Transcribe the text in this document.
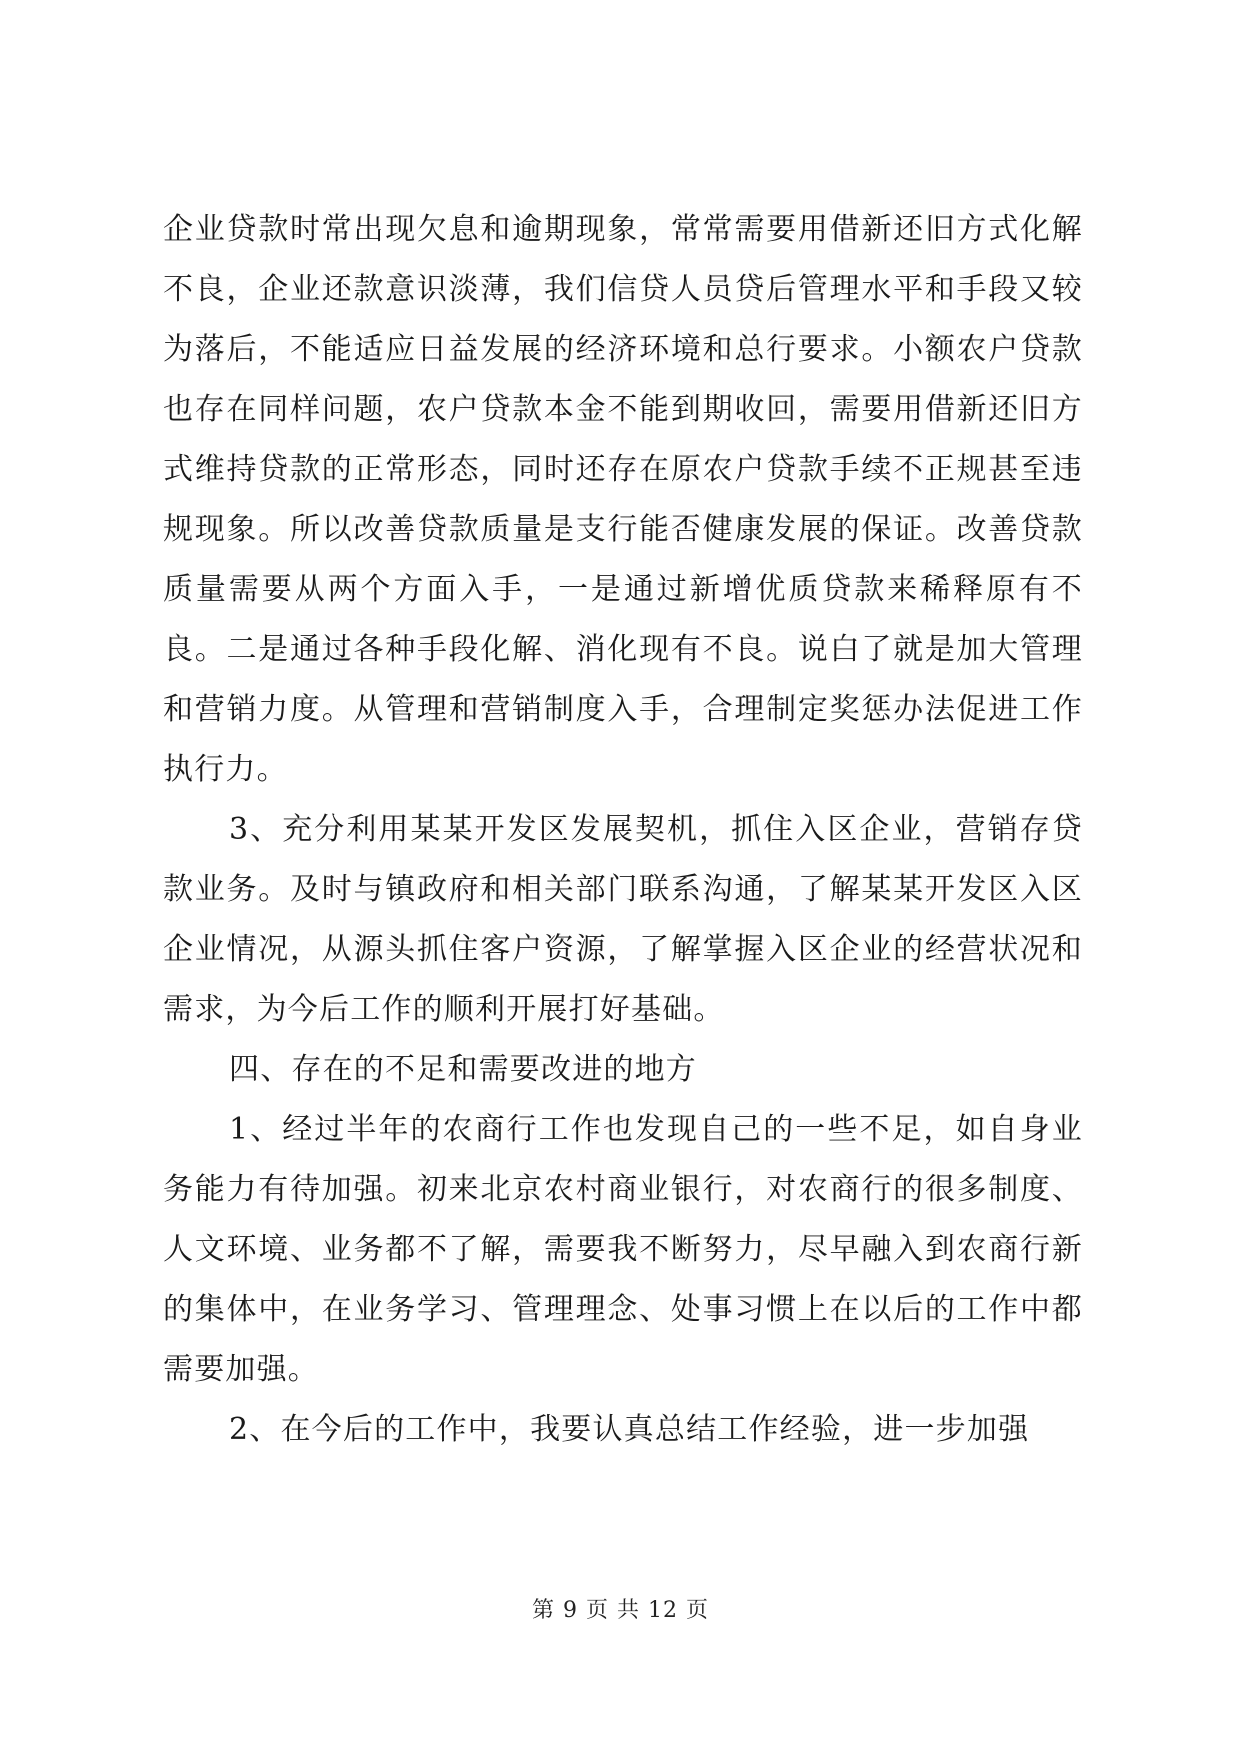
企业贷款时常出现欠息和逾期现象，常常需要用借新还旧方式化解不良，企业还款意识淡薄，我们信贷人员贷后管理水平和手段又较为落后，不能适应日益发展的经济环境和总行要求。小额农户贷款也存在同样问题，农户贷款本金不能到期收回，需要用借新还旧方式维持贷款的正常形态，同时还存在原农户贷款手续不正规甚至违规现象。所以改善贷款质量是支行能否健康发展的保证。改善贷款质量需要从两个方面入手，一是通过新增优质贷款来稀释原有不良。二是通过各种手段化解、消化现有不良。说白了就是加大管理和营销力度。从管理和营销制度入手，合理制定奖惩办法促进工作执行力。

3、充分利用某某开发区发展契机，抓住入区企业，营销存贷款业务。及时与镇政府和相关部门联系沟通，了解某某开发区入区企业情况，从源头抓住客户资源，了解掌握入区企业的经营状况和需求，为今后工作的顺利开展打好基础。

四、存在的不足和需要改进的地方

1、经过半年的农商行工作也发现自己的一些不足，如自身业务能力有待加强。初来北京农村商业银行，对农商行的很多制度、人文环境、业务都不了解，需要我不断努力，尽早融入到农商行新的集体中，在业务学习、管理理念、处事习惯上在以后的工作中都需要加强。

2、在今后的工作中，我要认真总结工作经验，进一步加强

第 9 页 共 12 页
